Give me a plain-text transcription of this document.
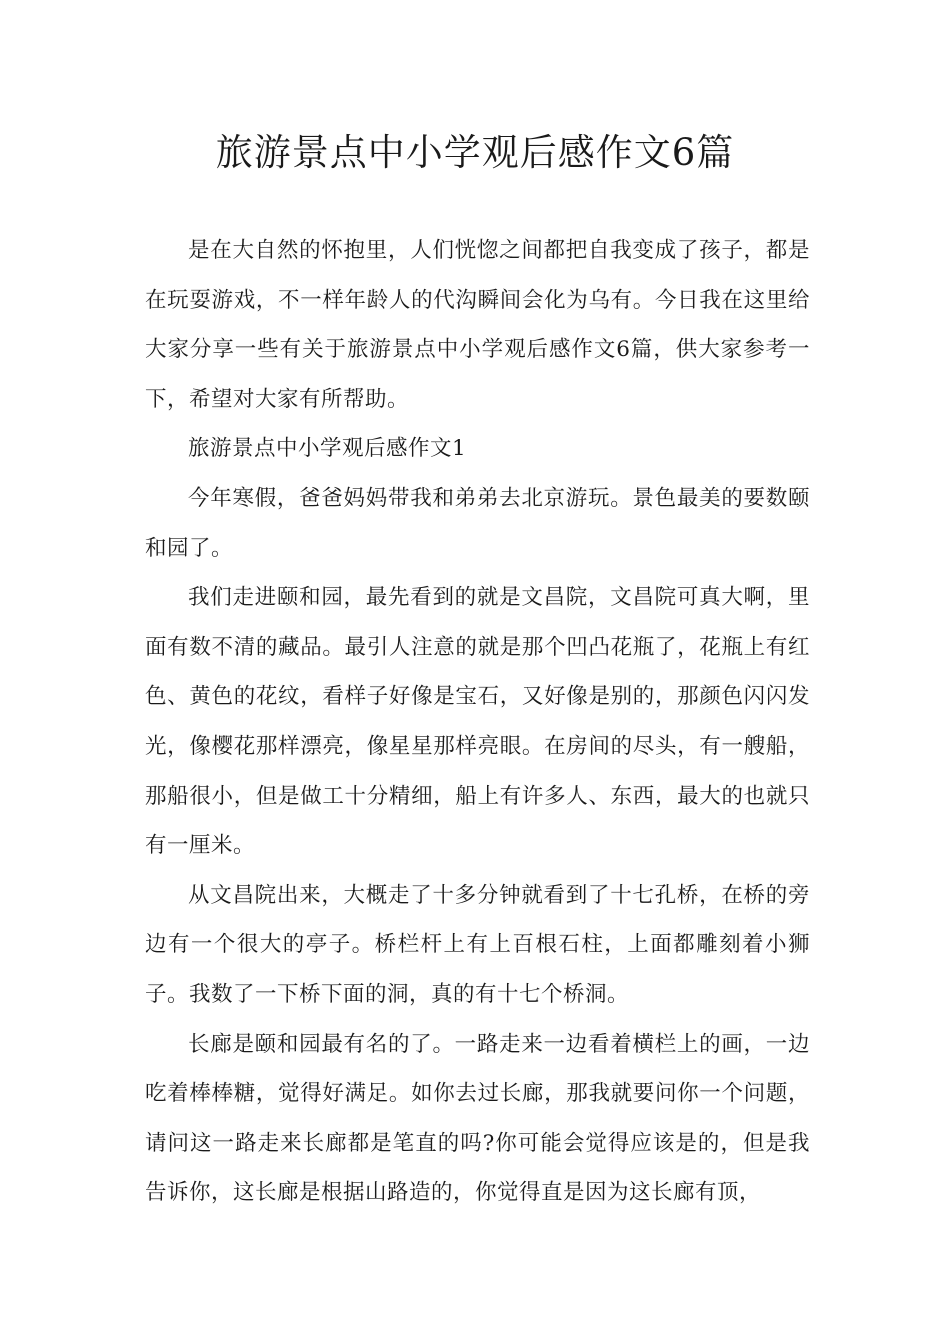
旅游景点中小学观后感作文6篇

是在大自然的怀抱里，人们恍惚之间都把自我变成了孩子，都是在玩耍游戏，不一样年龄人的代沟瞬间会化为乌有。今日我在这里给大家分享一些有关于旅游景点中小学观后感作文6篇，供大家参考一下，希望对大家有所帮助。

旅游景点中小学观后感作文1

今年寒假，爸爸妈妈带我和弟弟去北京游玩。景色最美的要数颐和园了。

我们走进颐和园，最先看到的就是文昌院，文昌院可真大啊，里面有数不清的藏品。最引人注意的就是那个凹凸花瓶了，花瓶上有红色、黄色的花纹，看样子好像是宝石，又好像是别的，那颜色闪闪发光，像樱花那样漂亮，像星星那样亮眼。在房间的尽头，有一艘船，那船很小，但是做工十分精细，船上有许多人、东西，最大的也就只有一厘米。

从文昌院出来，大概走了十多分钟就看到了十七孔桥，在桥的旁边有一个很大的亭子。桥栏杆上有上百根石柱，上面都雕刻着小狮子。我数了一下桥下面的洞，真的有十七个桥洞。

长廊是颐和园最有名的了。一路走来一边看着横栏上的画，一边吃着棒棒糖，觉得好满足。如你去过长廊，那我就要问你一个问题，请问这一路走来长廊都是笔直的吗?你可能会觉得应该是的，但是我告诉你，这长廊是根据山路造的，你觉得直是因为这长廊有顶，
